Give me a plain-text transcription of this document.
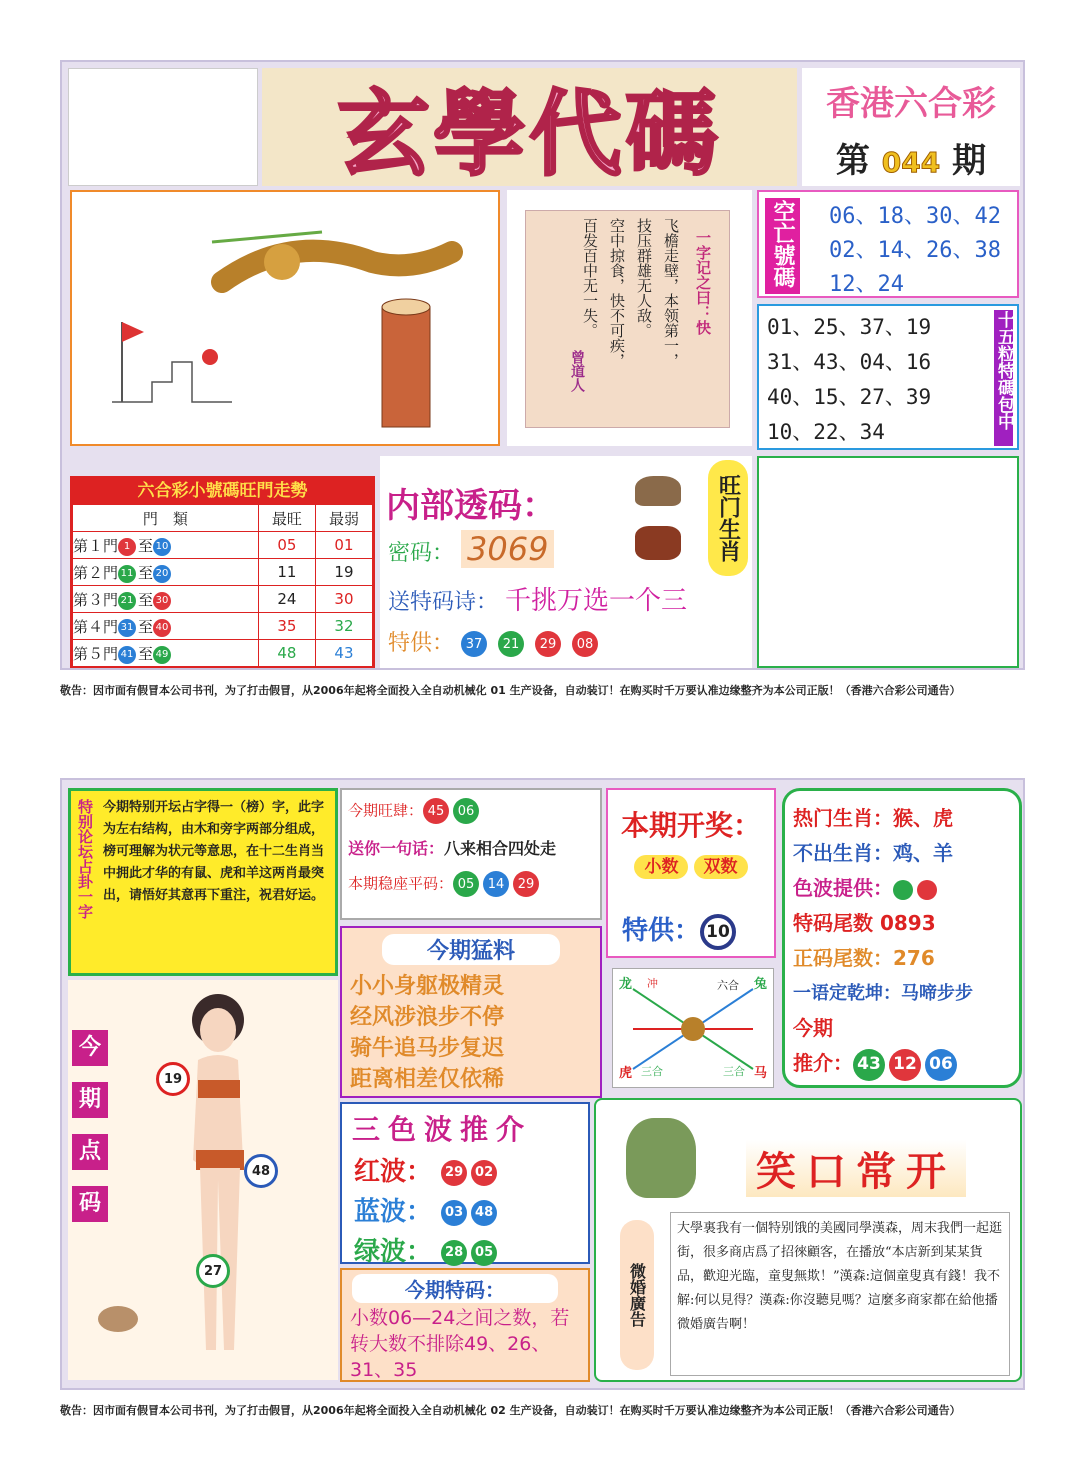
玄學代碼	香港六合彩
第 044 期
一字记之曰：快
飞檐走壁，本领第一，
技压群雄无人敌。
空中掠食，快不可疾，
百发百中无一失。
曾道人
空亡號碼 06、18、30、42
02、14、26、38
12、24
01、25、37、19
31、43、04、16
40、15、27、39
10、22、34
十五粒特碼包中
六合彩小號碼旺門走勢
門　類	最旺	最弱
第１門 1 至 10	05	01
第２門 11 至 20	11	19
第３門 21 至 30	24	30
第４門 31 至 40	35	32
第５門 41 至 49	48	43
内部透码：	旺门生肖
密码： 3069
送特码诗： 千挑万选一个三
特供： 37 21 29 08
敬告：因市面有假冒本公司书刊，为了打击假冒，从2006年起将全面投入全自动机械化 01 生产设备，自动装订！在购买时千万要认准边缘整齐为本公司正版！（香港六合彩公司通告）
特别论坛占卦一字 今期特别开坛占字得一（榜）字，此字为左右结构，由木和旁字两部分组成，榜可理解为状元等意思，在十二生肖当中拥此才华的有鼠、虎和羊这两肖最突出，请悟好其意再下重注，祝君好运。
今期旺肆： 45 06
送你一句话：八来相合四处走
本期稳座平码： 05 14 29
本期开奖：
小数 双数
特供： 10
热门生肖：猴、虎
不出生肖：鸡、羊
色波提供：
特码尾数 0893
正码尾数：276
一语定乾坤：马啼步步
今期
推介： 43 12 06
今期猛料
小小身躯极精灵
经风涉浪步不停
骑牛追马步复迟
距离相差仅依稀
龙	兔
虎	马
冲	六合
三合	三合
今
期
点
码
19
48
27
三色波推介
红波： 29 02
蓝波： 03 48
绿波： 28 05
今期特码：
小数06—24之间之数，若转大数不排除49、26、31、35
笑口常开
微婚廣告
大學裏我有一個特别饿的美國同學漢森，周末我們一起逛街，很多商店爲了招徠顧客，在播放“本店新到某某貨品，歡迎光臨，童叟無欺！”漢森:這個童叟真有錢！我不解:何以見得？漢森:你沒聽見嗎？這麼多商家都在給他播微婚廣告啊！
敬告：因市面有假冒本公司书刊，为了打击假冒，从2006年起将全面投入全自动机械化 02 生产设备，自动装订！在购买时千万要认准边缘整齐为本公司正版！（香港六合彩公司通告）
